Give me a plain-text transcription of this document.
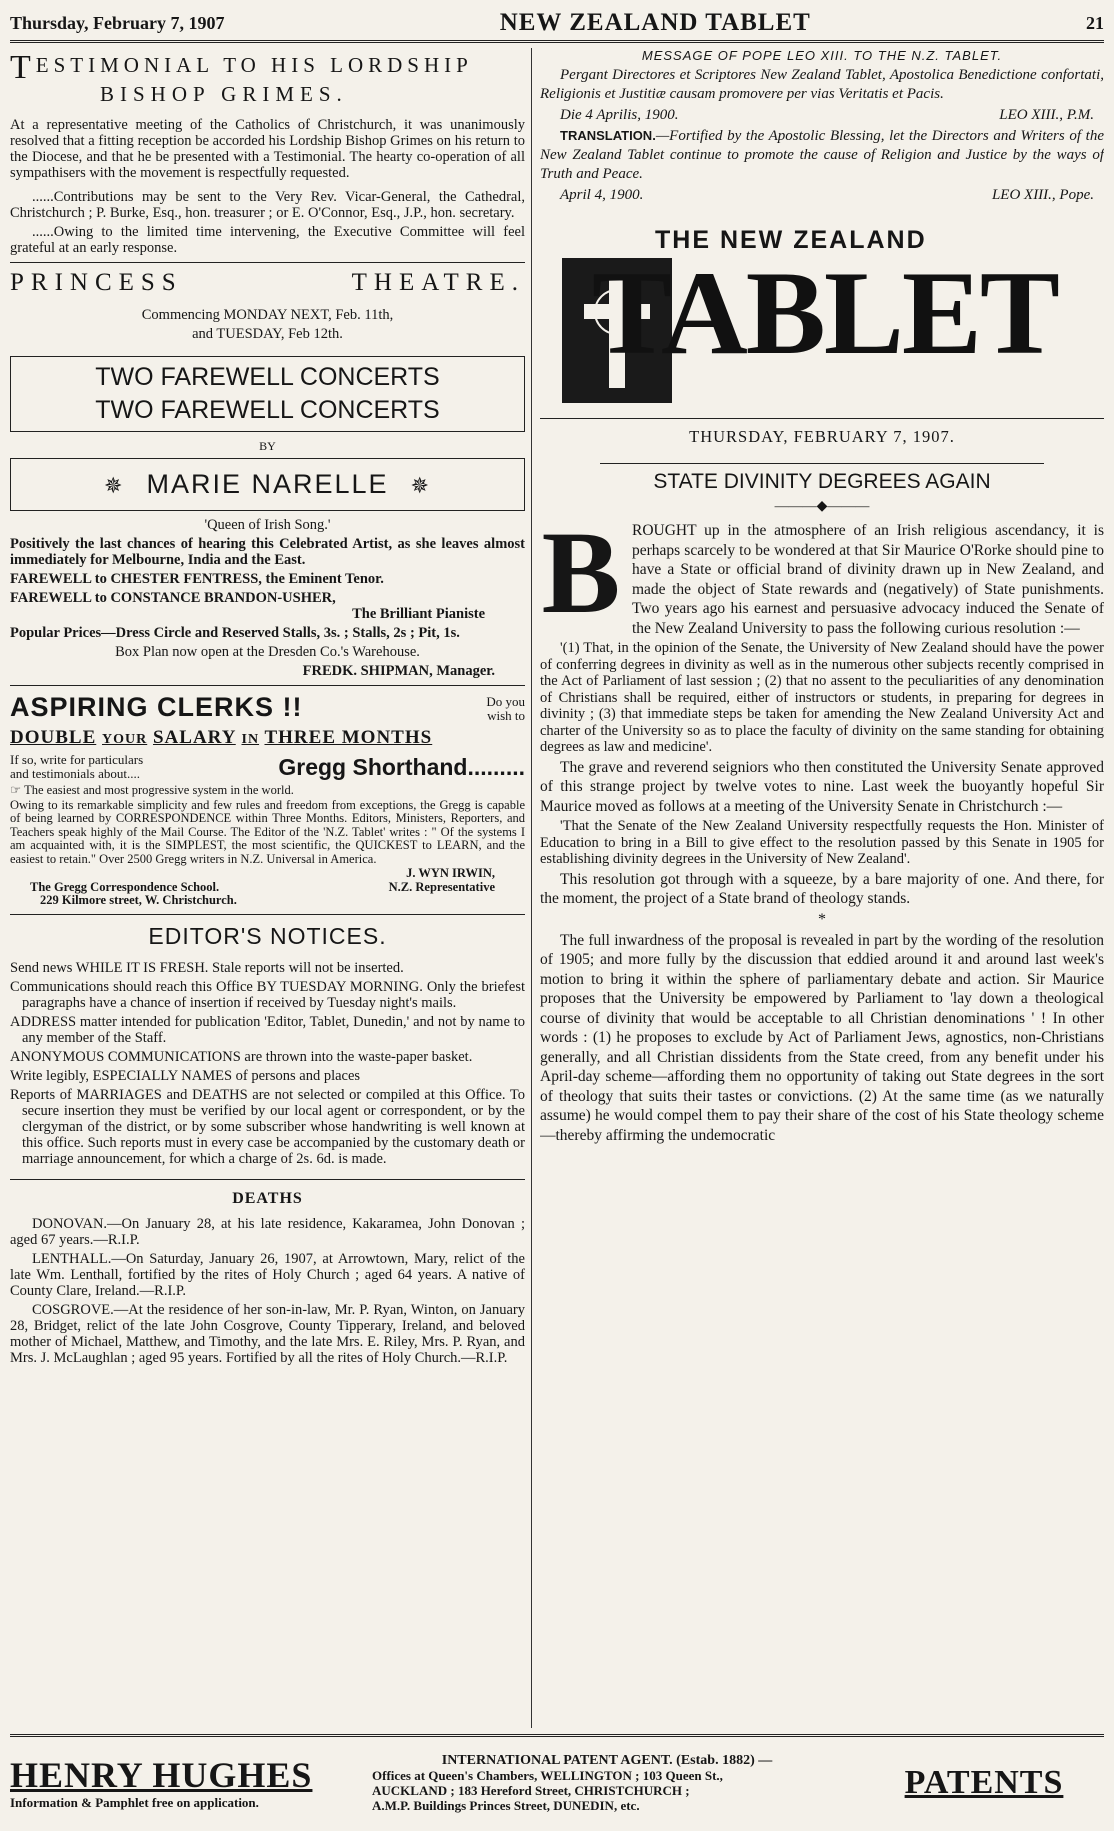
Thursday, February 7, 1907	NEW ZEALAND TABLET	21
TESTIMONIAL TO HIS LORDSHIP
BISHOP GRIMES.

At a representative meeting of the Catholics of Christchurch, it was unanimously resolved that a fitting reception be accorded his Lordship Bishop Grimes on his return to the Diocese, and that he be presented with a Testimonial. The hearty co-operation of all sympathisers with the movement is respectfully requested.

......Contributions may be sent to the Very Rev. Vicar-General, the Cathedral, Christchurch ; P. Burke, Esq., hon. treasurer ; or E. O'Connor, Esq., J.P., hon. secretary.

......Owing to the limited time intervening, the Executive Committee will feel grateful at an early response.

PRINCESS	THEATRE.

Commencing MONDAY NEXT, Feb. 11th,

and TUESDAY, Feb 12th.

TWO FAREWELL CONCERTS
TWO FAREWELL CONCERTS

BY

✵ MARIE NARELLE ✵

'Queen of Irish Song.'

Positively the last chances of hearing this Celebrated Artist, as she leaves almost immediately for Melbourne, India and the East.

FAREWELL to CHESTER FENTRESS, the Eminent Tenor.

FAREWELL to CONSTANCE BRANDON-USHER,

The Brilliant Pianiste

Popular Prices—Dress Circle and Reserved Stalls, 3s. ; Stalls, 2s ; Pit, 1s.

Box Plan now open at the Dresden Co.'s Warehouse.

FREDK. SHIPMAN, Manager.

ASPIRING CLERKS !!	Do you
wish to
DOUBLE YOUR SALARY IN THREE MONTHS
If so, write for particulars
and testimonials about....	Gregg Shorthand.........

☞ The easiest and most progressive system in the world.

Owing to its remarkable simplicity and few rules and freedom from exceptions, the Gregg is capable of being learned by CORRESPONDENCE within Three Months. Editors, Ministers, Reporters, and Teachers speak highly of the Mail Course. The Editor of the 'N.Z. Tablet' writes : " Of the systems I am acquainted with, it is the SIMPLEST, the most scientific, the QUICKEST to LEARN, and the easiest to retain." Over 2500 Gregg writers in N.Z. Universal in America.

J. WYN IRWIN,
The Gregg Correspondence School.	N.Z. Representative

229 Kilmore street, W. Christchurch.

EDITOR'S NOTICES.

Send news WHILE IT IS FRESH. Stale reports will not be inserted.

Communications should reach this Office BY TUESDAY MORNING. Only the briefest paragraphs have a chance of insertion if received by Tuesday night's mails.

ADDRESS matter intended for publication 'Editor, Tablet, Dunedin,' and not by name to any member of the Staff.

ANONYMOUS COMMUNICATIONS are thrown into the waste-paper basket.

Write legibly, ESPECIALLY NAMES of persons and places

Reports of MARRIAGES and DEATHS are not selected or compiled at this Office. To secure insertion they must be verified by our local agent or correspondent, or by the clergyman of the district, or by some subscriber whose handwriting is well known at this office. Such reports must in every case be accompanied by the customary death or marriage announcement, for which a charge of 2s. 6d. is made.

DEATHS

DONOVAN.—On January 28, at his late residence, Kakaramea, John Donovan ; aged 67 years.—R.I.P.

LENTHALL.—On Saturday, January 26, 1907, at Arrowtown, Mary, relict of the late Wm. Lenthall, fortified by the rites of Holy Church ; aged 64 years. A native of County Clare, Ireland.—R.I.P.

COSGROVE.—At the residence of her son-in-law, Mr. P. Ryan, Winton, on January 28, Bridget, relict of the late John Cosgrove, County Tipperary, Ireland, and beloved mother of Michael, Matthew, and Timothy, and the late Mrs. E. Riley, Mrs. P. Ryan, and Mrs. J. McLaughlan ; aged 95 years. Fortified by all the rites of Holy Church.—R.I.P.

MESSAGE OF POPE LEO XIII. TO THE N.Z. TABLET.

Pergant Directores et Scriptores New Zealand Tablet, Apostolica Benedictione confortati, Religionis et Justitiæ causam promovere per vias Veritatis et Pacis.

Die 4 Aprilis, 1900.	LEO XIII., P.M.

TRANSLATION.—Fortified by the Apostolic Blessing, let the Directors and Writers of the New Zealand Tablet continue to promote the cause of Religion and Justice by the ways of Truth and Peace.

April 4, 1900.	LEO XIII., Pope.
THE NEW ZEALAND
TABLET
THURSDAY, FEBRUARY 7, 1907.
STATE DIVINITY DEGREES AGAIN
———◆———
B ROUGHT up in the atmosphere of an Irish religious ascendancy, it is perhaps scarcely to be wondered at that Sir Maurice O'Rorke should pine to have a State or official brand of divinity drawn up in New Zealand, and made the object of State rewards and (negatively) of State punishments. Two years ago his earnest and persuasive advocacy induced the Senate of the New Zealand University to pass the following curious resolution :—

'(1) That, in the opinion of the Senate, the University of New Zealand should have the power of conferring degrees in divinity as well as in the numerous other subjects recently comprised in the Act of Parliament of last session ; (2) that no assent to the peculiarities of any denomination of Christians shall be required, either of instructors or students, in preparing for degrees in divinity ; (3) that immediate steps be taken for amending the New Zealand University Act and charter of the University so as to place the faculty of divinity on the same standing for obtaining degrees as law and medicine'.

The grave and reverend seigniors who then constituted the University Senate approved of this strange project by twelve votes to nine. Last week the buoyantly hopeful Sir Maurice moved as follows at a meeting of the University Senate in Christchurch :—

'That the Senate of the New Zealand University respectfully requests the Hon. Minister of Education to bring in a Bill to give effect to the resolution passed by this Senate in 1905 for establishing divinity degrees in the University of New Zealand'.

This resolution got through with a squeeze, by a bare majority of one. And there, for the moment, the project of a State brand of theology stands.

*

The full inwardness of the proposal is revealed in part by the wording of the resolution of 1905; and more fully by the discussion that eddied around it and around last week's motion to bring it within the sphere of parliamentary debate and action. Sir Maurice proposes that the University be empowered by Parliament to 'lay down a theological course of divinity that would be acceptable to all Christian denominations ' ! In other words : (1) he proposes to exclude by Act of Parliament Jews, agnostics, non-Christians generally, and all Christian dissidents from the State creed, from any benefit under his April-day scheme—affording them no opportunity of taking out State degrees in the sort of theology that suits their tastes or convictions. (2) At the same time (as we naturally assume) he would compel them to pay their share of the cost of his State theology scheme—thereby affirming the undemocratic

HENRY HUGHES
Information & Pamphlet free on application.
INTERNATIONAL PATENT AGENT. (Estab. 1882) —
Offices at Queen's Chambers, WELLINGTON ; 103 Queen St.,
AUCKLAND ; 183 Hereford Street, CHRISTCHURCH ;
A.M.P. Buildings Princes Street, DUNEDIN, etc.
PATENTS
